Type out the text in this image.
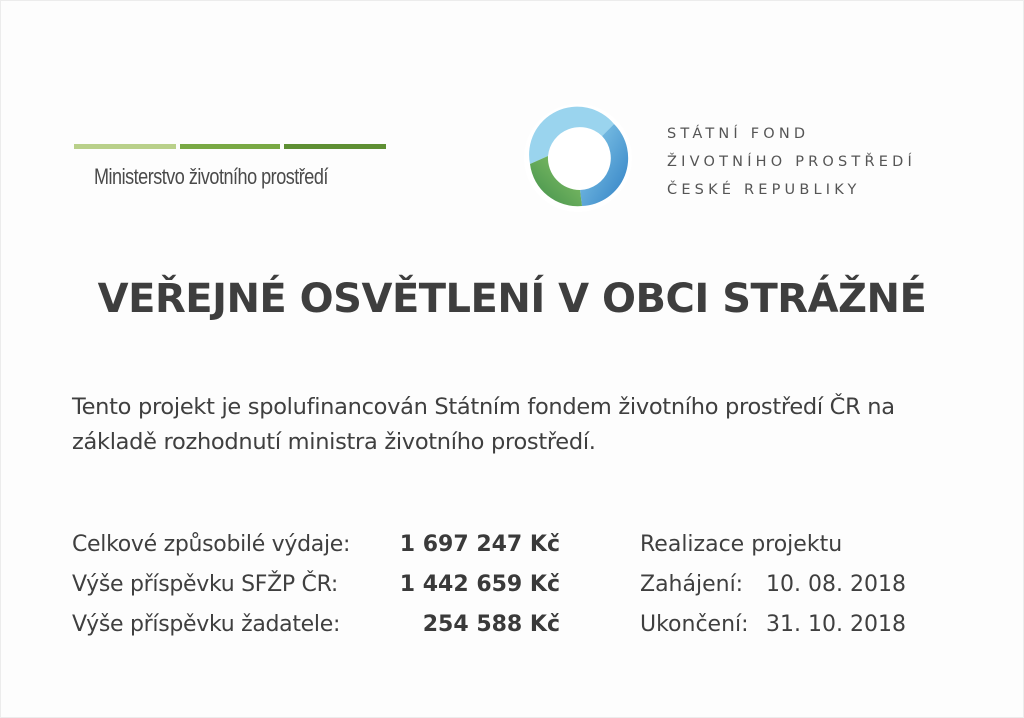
Ministerstvo životního prostředí
STÁTNÍ FOND
ŽIVOTNÍHO PROSTŘEDÍ
ČESKÉ REPUBLIKY
VEŘEJNÉ OSVĚTLENÍ V OBCI STRÁŽNÉ
Tento projekt je spolufinancován Státním fondem životního prostředí ČR na
základě rozhodnutí ministra životního prostředí.
Celkové způsobilé výdaje: 1 697 247 Kč	Realizace projektu
Výše příspěvku SFŽP ČR:	1 442 659 Kč	Zahájení: 10. 08. 2018
Výše příspěvku žadatele:	254 588 Kč	Ukončení: 31. 10. 2018
